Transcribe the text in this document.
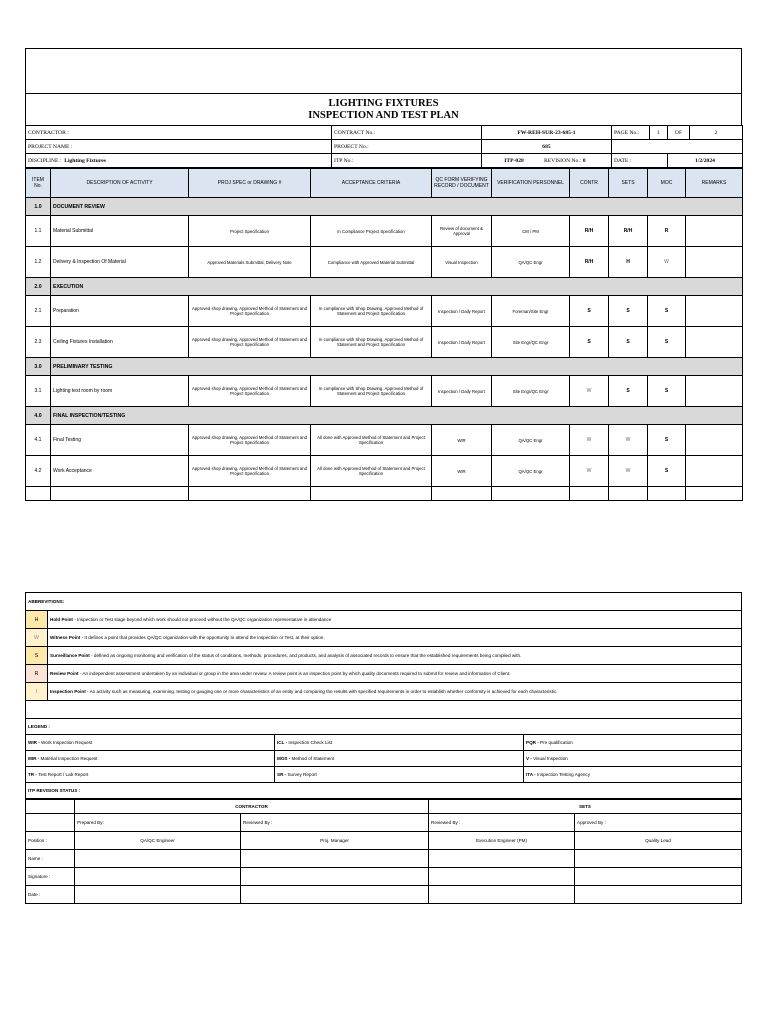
LIGHTING FIXTURES
INSPECTION AND TEST PLAN
CONTRACTOR :	CONTRACT No.:	FW-REH-SUR-23-685-1	PAGE No.:	1	OF	2
PROJECT NAME :	PROJECT No.:	685				
DISCIPLINE : Lighting Fixtures	ITP No.:	ITP-028 REVISION No.: 0	DATE :		1/2/2024	
ITEM No.	DESCRIPTION OF ACTIVITY	PROJ SPEC or DRAWING #	ACCEPTANCE CRITERIA	QC FORM VERIFYING RECORD / DOCUMENT	VERIFICATION PERSONNEL	CONTR	SETS	MOC	REMARKS
1.0	DOCUMENT REVIEW								
1.1	Material Submittal	Project Specification	In Compliance Project Specification	Review of document & Approval	CM / PM	R/H	R/H	R	
1.2	Delivery & Inspection Of Material	Approved Materials Submittal, Delivery Note	Compliance with Approved Material Submittal	Visual Inspection	QA/QC Engr	R/H	H	W	
2.0	EXECUTION								
2.1	Preparation	Approved shop drawing, Approved Method of Statement and Project Specification	In compliance with Shop Drawing, Approved Method of Statement and Project Specification	Inspection / Daily Report	Foreman/Site Engr	S	S	S	
2.3	Ceiling Fixtures Installation	Approved shop drawing, Approved Method of Statement and Project Specification	In compliance with Shop Drawing, Approved Method of Statement and Project Specification	Inspection / Daily Report	Site Engr/QC Engr	S	S	S	
3.0	PRELIMINARY TESTING								
3.1	Lighting test room by room	Approved shop drawing, Approved Method of Statement and Project Specification	In compliance with Shop Drawing, Approved Method of Statement and Project Specification	Inspection / Daily Report	Site Engr/QC Engr	W	S	S	
4.0	FINAL INSPECTION/TESTING								
4.1	Final Testing	Approved shop drawing, Approved Method of Statement and Project Specification	All done with Approved Method of Statement and Project Specification	WIR	QA/QC Engr	W	W	S	
4.2	Work Acceptance	Approved shop drawing, Approved Method of Statement and Project Specification	All done with Approved Method of Statement and Project Specification	WIR	QA/QC Engr	W	W	S	

ABBREVITIONS:	
H	Hold Point - Inspection or Test stage beyond which work should not proceed without the QA/QC organization representative in attendance
W	Witness Point - It defines a point that provides QA/QC organization with the opportunity to attend the inspection or Test, at their option.
S	Surveillance Point - defined as ongoing monitoring and verification of the status of conditions, methods, procedures, and products, and analysis of associated records to ensure that the established requirements being complied with.
R	Review Point - An independent assessment undertaken by an individual or group in the area under review. A review point is an inspection point by which quality documents required to submit for review and information of Client.
I	Inspection Point - An activity such as measuring, examining, testing or gauging one or more characteristics of an entity and comparing the results with specified requirements in order to establish whether conformity is achieved for each characteristic.

LEGEND :		
WIR - Work Inspection Request	ICL - Inspection Check List	PQR - Pre qualification
MIR - Material Inspection Request	MOS - Method of Statement	V - Visual Inspection
TR - Test Report / Lab Report	SR - Survey Report	ITA - Inspection Testing Agency
ITP REVISION STATUS :		
	CONTRACTOR		SETS	
	Prepared By:	Reviewed By :	Reviewed By :	Approved By :
Position :	QA/QC Engineer	Proj. Manager	Execution Engineer (PM)	Quality Lead
Name :				
Signature :				
Date :				
